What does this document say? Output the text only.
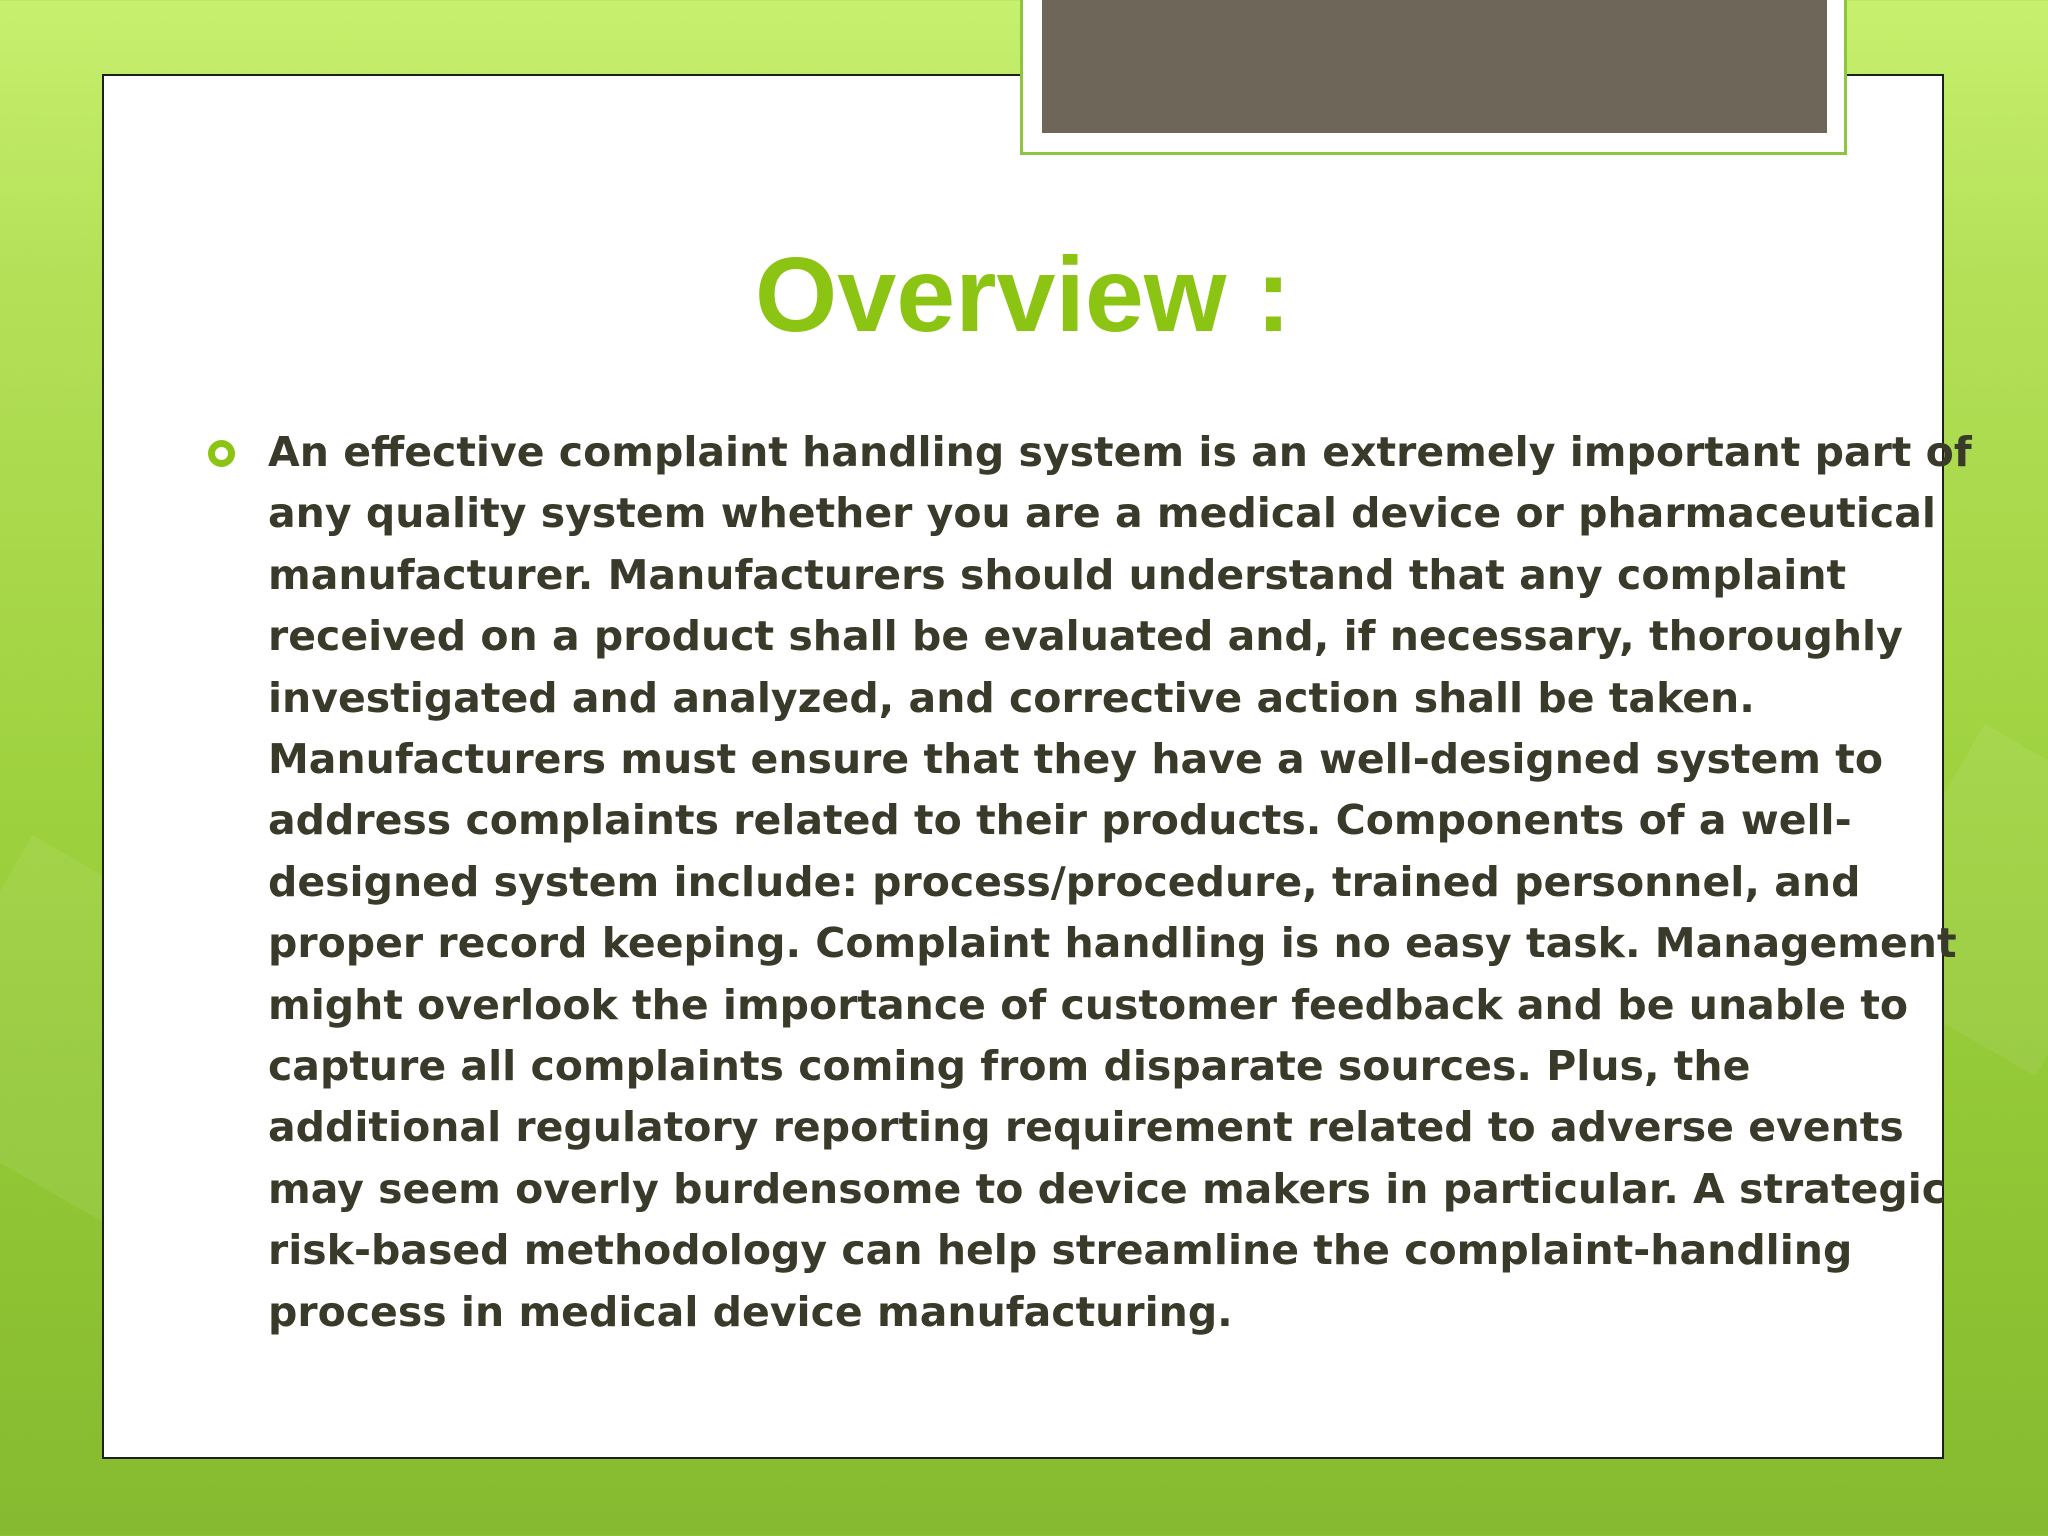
Overview :

An effective complaint handling system is an extremely important part of
any quality system whether you are a medical device or pharmaceutical
manufacturer. Manufacturers should understand that any complaint
received on a product shall be evaluated and, if necessary, thoroughly
investigated and analyzed, and corrective action shall be taken.
Manufacturers must ensure that they have a well-designed system to
address complaints related to their products. Components of a well-
designed system include: process/procedure, trained personnel, and
proper record keeping. Complaint handling is no easy task. Management
might overlook the importance of customer feedback and be unable to
capture all complaints coming from disparate sources. Plus, the
additional regulatory reporting requirement related to adverse events
may seem overly burdensome to device makers in particular. A strategic
risk-based methodology can help streamline the complaint-handling
process in medical device manufacturing.
